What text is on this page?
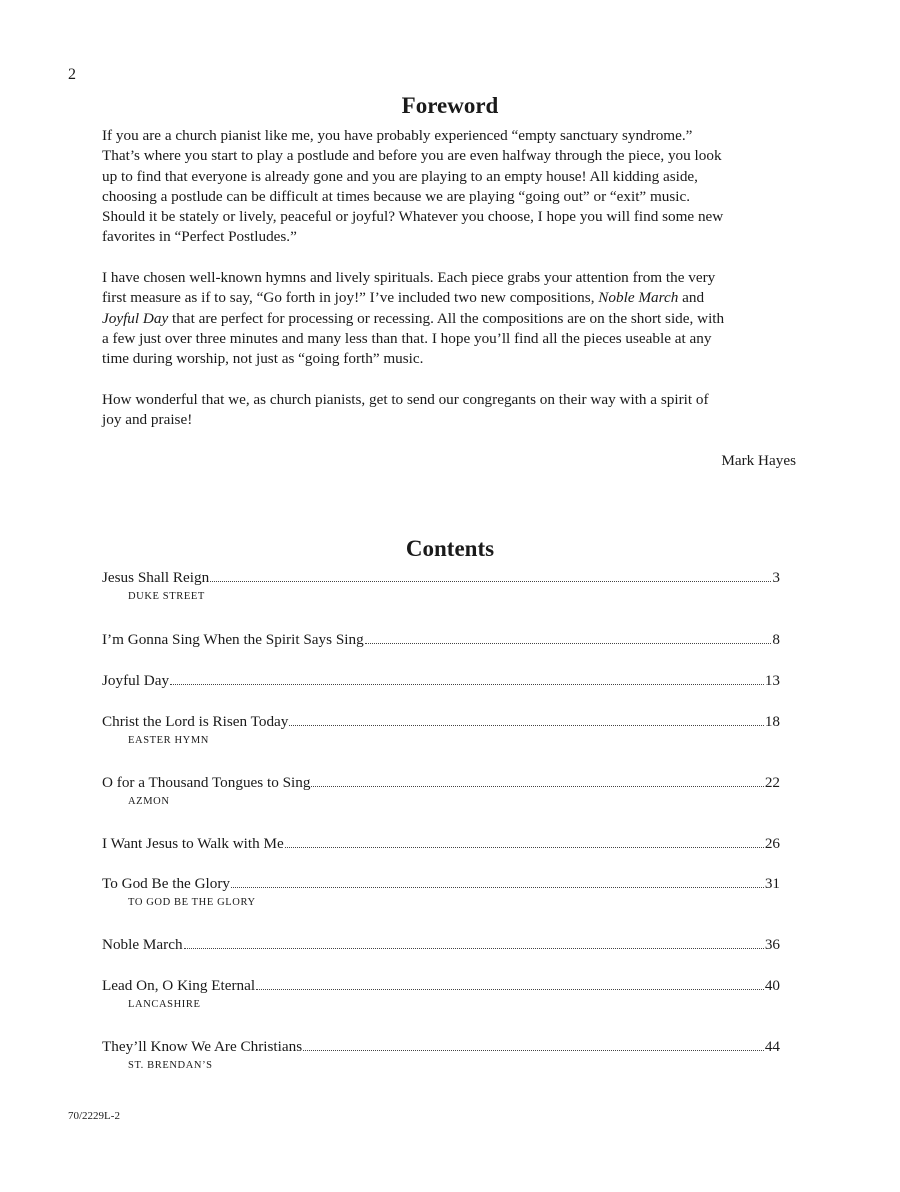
2
Foreword

If you are a church pianist like me, you have probably experienced “empty sanctuary syndrome.”
That’s where you start to play a postlude and before you are even halfway through the piece, you look
up to find that everyone is already gone and you are playing to an empty house! All kidding aside,
choosing a postlude can be difficult at times because we are playing “going out” or “exit” music.
Should it be stately or lively, peaceful or joyful? Whatever you choose, I hope you will find some new
favorites in “Perfect Postludes.”

I have chosen well-known hymns and lively spirituals. Each piece grabs your attention from the very
first measure as if to say, “Go forth in joy!” I’ve included two new compositions, Noble March and
Joyful Day that are perfect for processing or recessing. All the compositions are on the short side, with
a few just over three minutes and many less than that. I hope you’ll find all the pieces useable at any
time during worship, not just as “going forth” music.

How wonderful that we, as church pianists, get to send our congregants on their way with a spirit of
joy and praise!

Mark Hayes
Contents
Jesus Shall Reign	3
DUKE STREET
I’m Gonna Sing When the Spirit Says Sing	8
Joyful Day	13
Christ the Lord is Risen Today	18
EASTER HYMN
O for a Thousand Tongues to Sing	22
AZMON
I Want Jesus to Walk with Me	26
To God Be the Glory	31
TO GOD BE THE GLORY
Noble March	36
Lead On, O King Eternal	40
LANCASHIRE
They’ll Know We Are Christians	44
ST. BRENDAN’S
70/2229L-2
